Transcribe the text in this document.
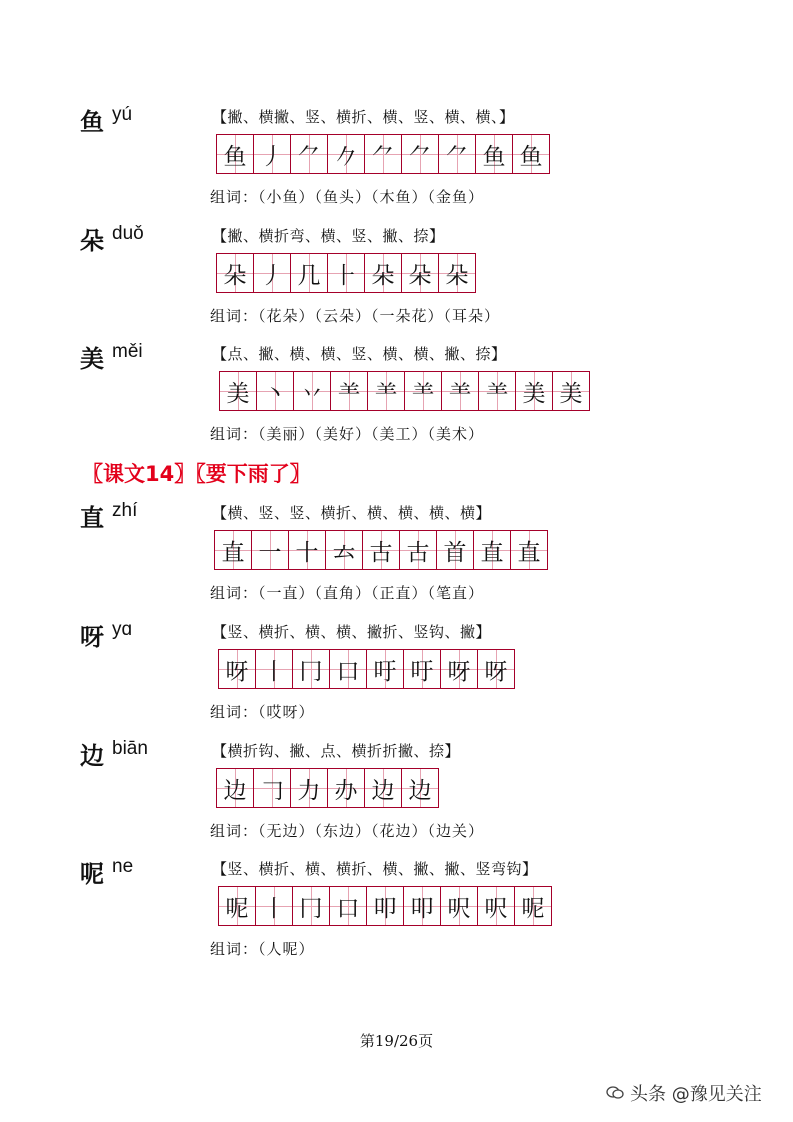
鱼 yú	【撇、横撇、竖、横折、横、竖、横、横、】
鱼 丿 ⺈ 𠂊 ⺈ ⺈ ⺈ 鱼 鱼
组词：（小鱼）（鱼头）（木鱼）（金鱼）
朵 duǒ	【撇、横折弯、横、竖、撇、捺】
朵 丿 几 ⺊ 朵 朵 朵
组词：（花朵）（云朵）（一朵花）（耳朵）
美 měi	【点、撇、横、横、竖、横、横、撇、捺】
美 丶 丷 ⺷ ⺷ ⺷ ⺷ ⺷ 美 美
组词：（美丽）（美好）（美工）（美术）
〖课文14〗〖要下雨了〗
直 zhí	【横、竖、竖、横折、横、横、横、横】
直 一 十 𠫓 古 古 首 直 直
组词：（一直）（直角）（正直）（笔直）
呀 yɑ	【竖、横折、横、横、撇折、竖钩、撇】
呀 丨 冂 口 吁 吁 呀 呀
组词：（哎呀）
边 biān	【横折钩、撇、点、横折折撇、捺】
边 𠃌 力 办 边 边
组词：（无边）（东边）（花边）（边关）
呢 ne	【竖、横折、横、横折、横、撇、撇、竖弯钩】
呢 丨 冂 口 叩 叩 呎 呎 呢
组词：（人呢）
第19/26页
头条 @豫见关注
